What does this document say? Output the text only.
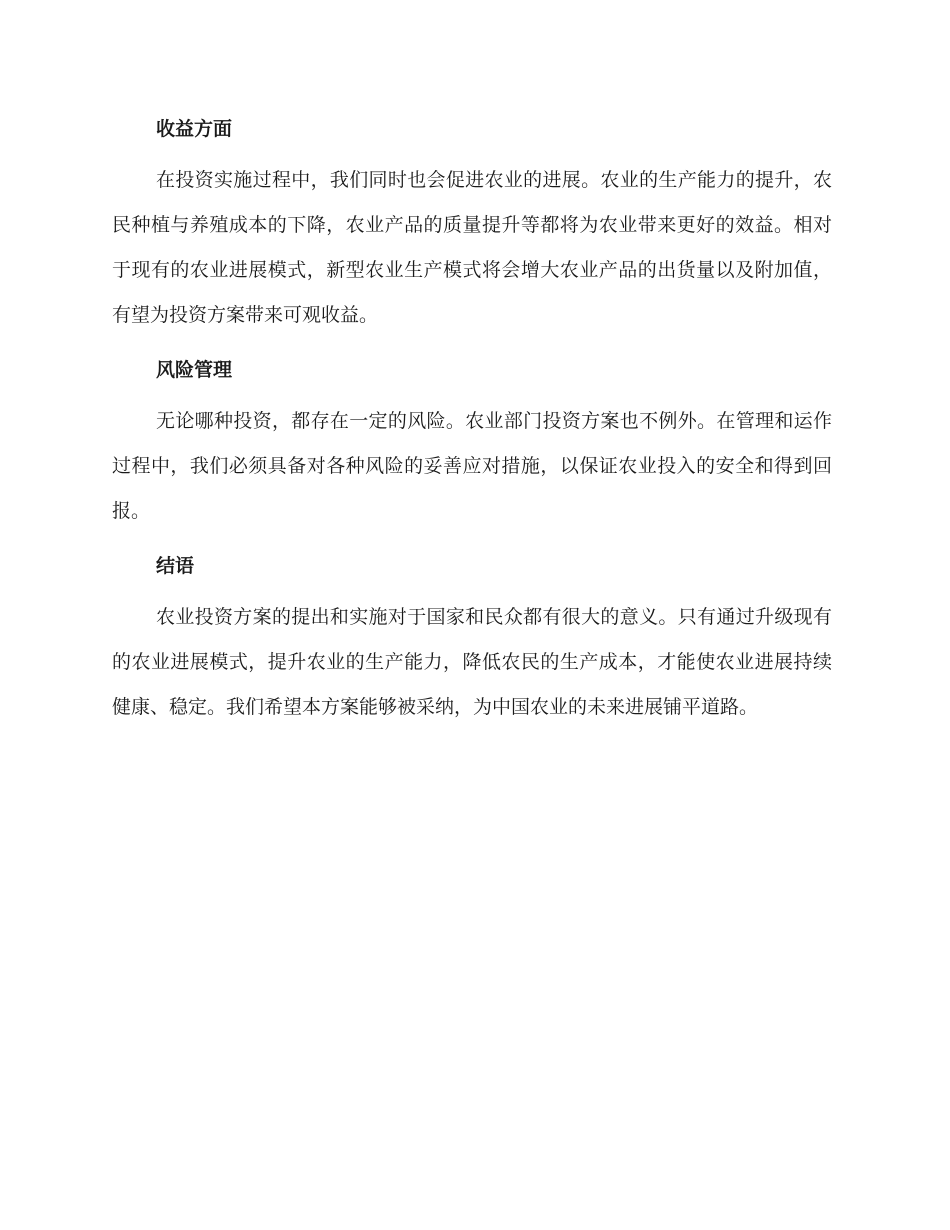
收益方面

在投资实施过程中，我们同时也会促进农业的进展。农业的生产能力的提升，农民种植与养殖成本的下降，农业产品的质量提升等都将为农业带来更好的效益。相对于现有的农业进展模式，新型农业生产模式将会增大农业产品的出货量以及附加值，有望为投资方案带来可观收益。

风险管理

无论哪种投资，都存在一定的风险。农业部门投资方案也不例外。在管理和运作过程中，我们必须具备对各种风险的妥善应对措施，以保证农业投入的安全和得到回报。

结语

农业投资方案的提出和实施对于国家和民众都有很大的意义。只有通过升级现有的农业进展模式，提升农业的生产能力，降低农民的生产成本，才能使农业进展持续健康、稳定。我们希望本方案能够被采纳，为中国农业的未来进展铺平道路。
